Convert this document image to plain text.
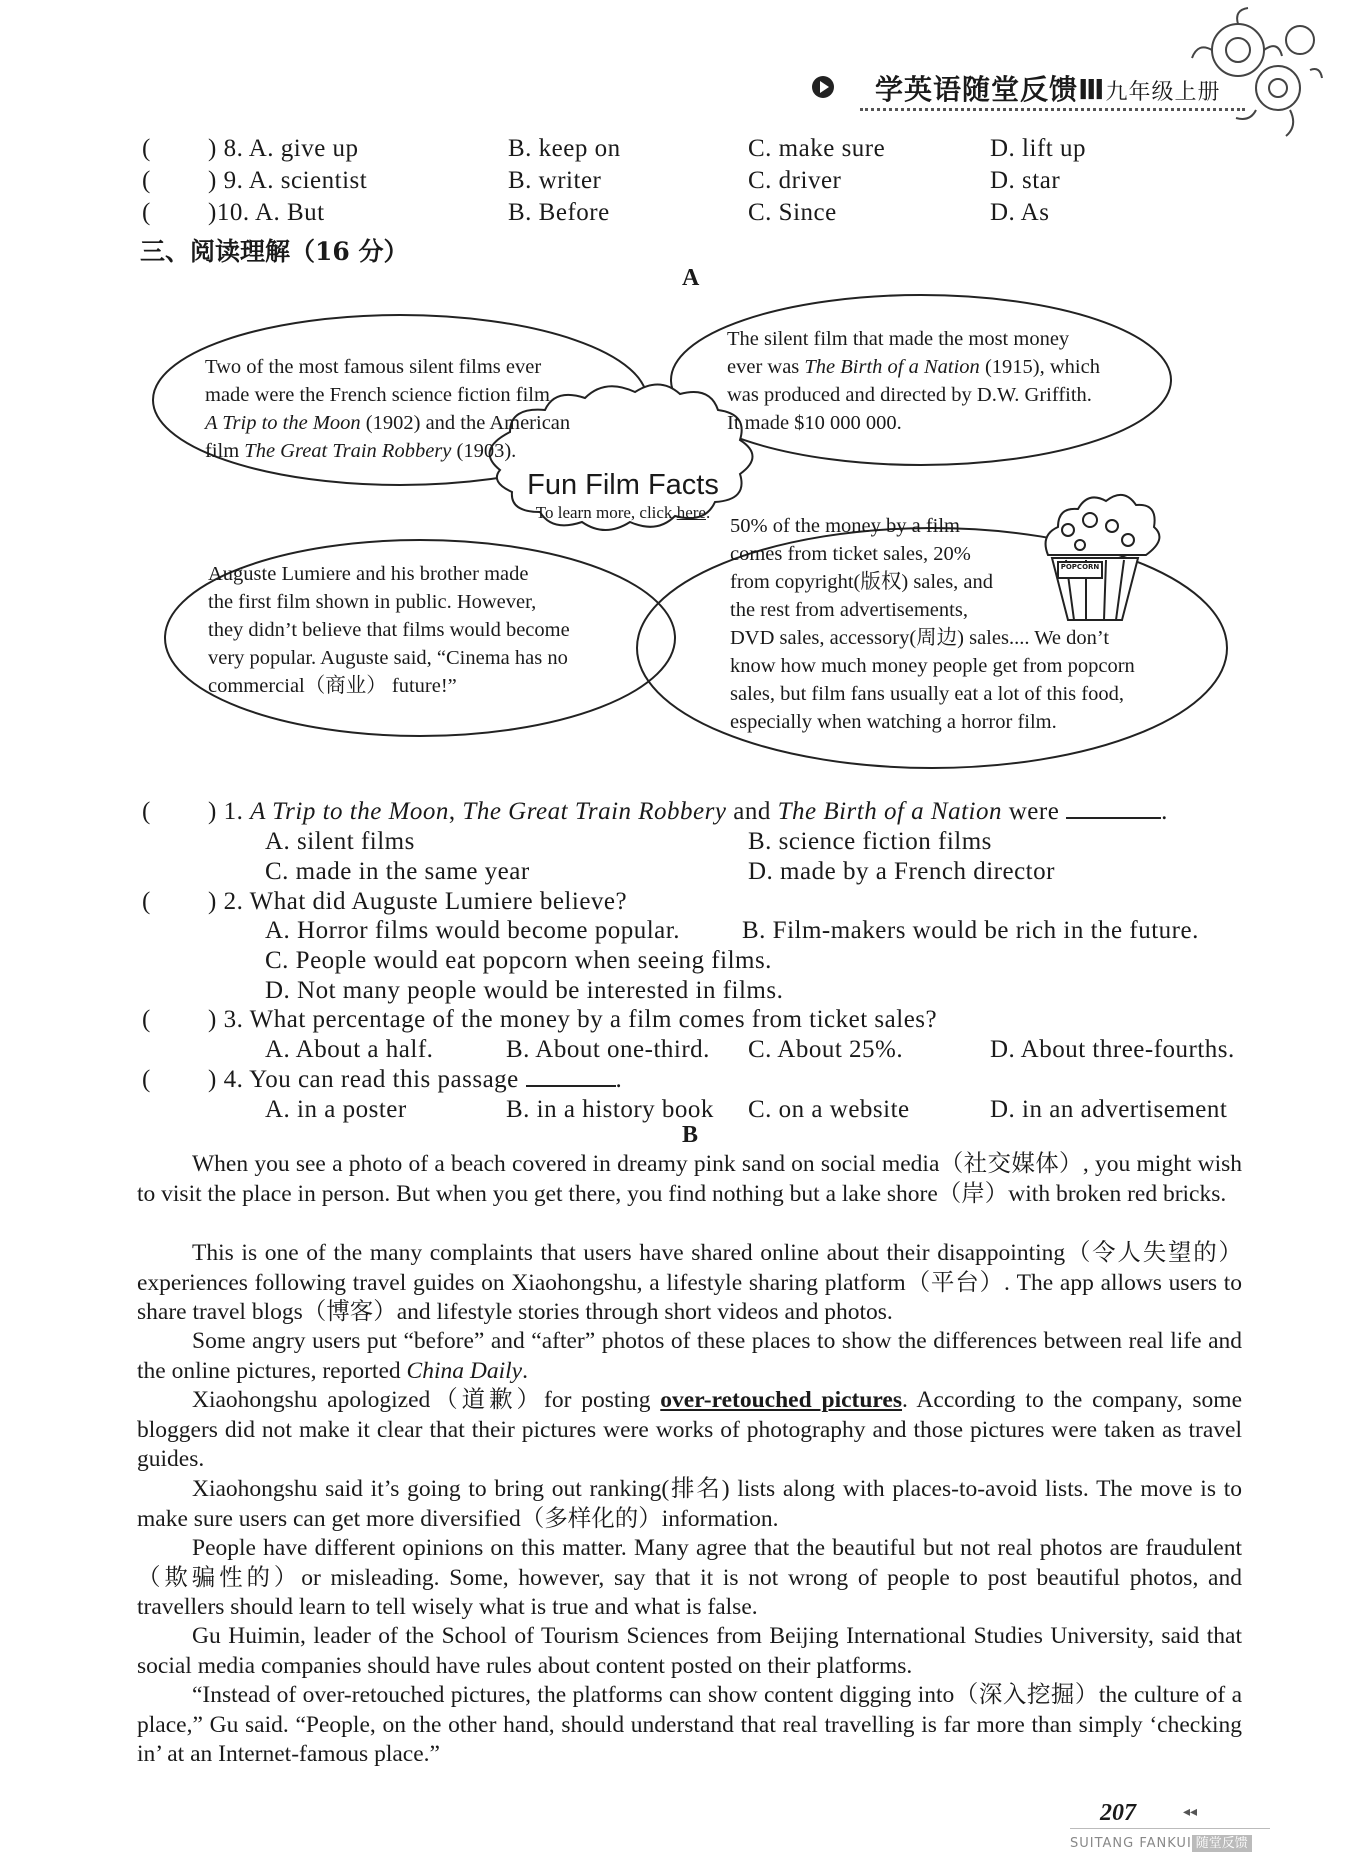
学英语随堂反馈Ⅲ九年级上册
( ) 8. A. give up	B. keep on	C. make sure	D. lift up
( ) 9. A. scientist	B. writer	C. driver	D. star
( )10. A. But	B. Before	C. Since	D. As
三、阅读理解（16 分）
A
Two of the most famous silent films ever
made were the French science fiction film
A Trip to the Moon (1902) and the American
film The Great Train Robbery (1903).
The silent film that made the most money
ever was The Birth of a Nation (1915), which
was produced and directed by D.W. Griffith.
It made $10 000 000.
Fun Film Facts
To learn more, click here.
Auguste Lumiere and his brother made
the first film shown in public. However,
they didn’t believe that films would become
very popular. Auguste said, “Cinema has no
commercial（商业） future!”
50% of the money by a film
comes from ticket sales, 20%
from copyright(版权) sales, and
the rest from advertisements,
DVD sales, accessory(周边) sales.... We don’t
know how much money people get from popcorn
sales, but film fans usually eat a lot of this food,
especially when watching a horror film.
POPCORN
( ) 1. A Trip to the Moon, The Great Train Robbery and The Birth of a Nation were	.
A. silent films	B. science fiction films
C. made in the same year	D. made by a French director
( ) 2. What did Auguste Lumiere believe?
A. Horror films would become popular. B. Film-makers would be rich in the future.
C. People would eat popcorn when seeing films.
D. Not many people would be interested in films.
( ) 3. What percentage of the money by a film comes from ticket sales?
A. About a half.	B. About one-third. C. About 25%.	D. About three-fourths.
( ) 4. You can read this passage	.
A. in a poster	B. in a history book C. on a website	D. in an advertisement
B
When you see a photo of a beach covered in dreamy pink sand on social media（社交媒体）, you might wish to visit the place in person. But when you get there, you find nothing but a lake shore（岸）with broken red bricks.
This is one of the many complaints that users have shared online about their disappointing（令人失望的）experiences following travel guides on Xiaohongshu, a lifestyle sharing platform（平台）. The app allows users to share travel blogs（博客）and lifestyle stories through short videos and photos.
Some angry users put “before” and “after” photos of these places to show the differences between real life and the online pictures, reported China Daily.
Xiaohongshu apologized（道歉）for posting over-retouched pictures. According to the company, some bloggers did not make it clear that their pictures were works of photography and those pictures were taken as travel guides.
Xiaohongshu said it’s going to bring out ranking(排名) lists along with places-to-avoid lists. The move is to make sure users can get more diversified（多样化的）information.
People have different opinions on this matter. Many agree that the beautiful but not real photos are fraudulent（欺骗性的）or misleading. Some, however, say that it is not wrong of people to post beautiful photos, and travellers should learn to tell wisely what is true and what is false.
Gu Huimin, leader of the School of Tourism Sciences from Beijing International Studies University, said that social media companies should have rules about content posted on their platforms.
“Instead of over-retouched pictures, the platforms can show content digging into（深入挖掘）the culture of a place,” Gu said. “People, on the other hand, should understand that real travelling is far more than simply ‘checking in’ at an Internet-famous place.”
207	◂◂
SUITANG FANKUI 随堂反馈
